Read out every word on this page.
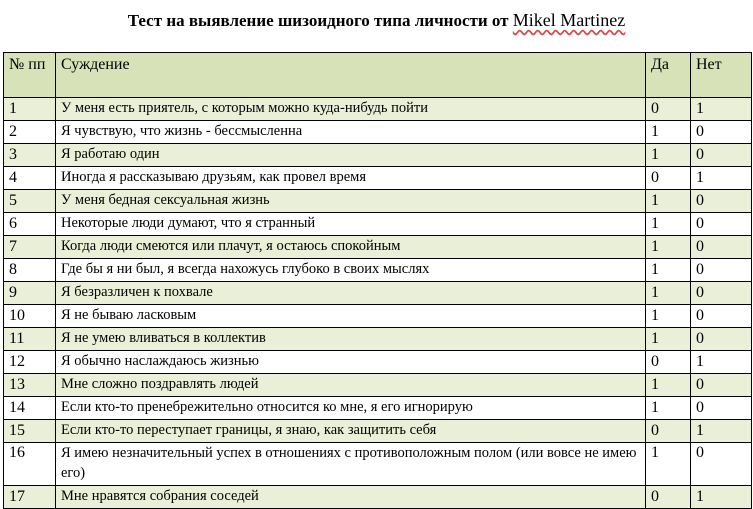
Тест на выявление шизоидного типа личности от Mikel Martinez
№ пп	Суждение	Да	Нет
1	У меня есть приятель, с которым можно куда-нибудь пойти	0	1
2	Я чувствую, что жизнь - бессмысленна	1	0
3	Я работаю один	1	0
4	Иногда я рассказываю друзьям, как провел время	0	1
5	У меня бедная сексуальная жизнь	1	0
6	Некоторые люди думают, что я странный	1	0
7	Когда люди смеются или плачут, я остаюсь спокойным	1	0
8	Где бы я ни был, я всегда нахожусь глубоко в своих мыслях	1	0
9	Я безразличен к похвале	1	0
10	Я не бываю ласковым	1	0
11	Я не умею вливаться в коллектив	1	0
12	Я обычно наслаждаюсь жизнью	0	1
13	Мне сложно поздравлять людей	1	0
14	Если кто-то пренебрежительно относится ко мне, я его игнорирую	1	0
15	Если кто-то переступает границы, я знаю, как защитить себя	0	1
16	Я имею незначительный успех в отношениях с противоположным полом (или вовсе не имею его)	1	0
17	Мне нравятся собрания соседей	0	1
